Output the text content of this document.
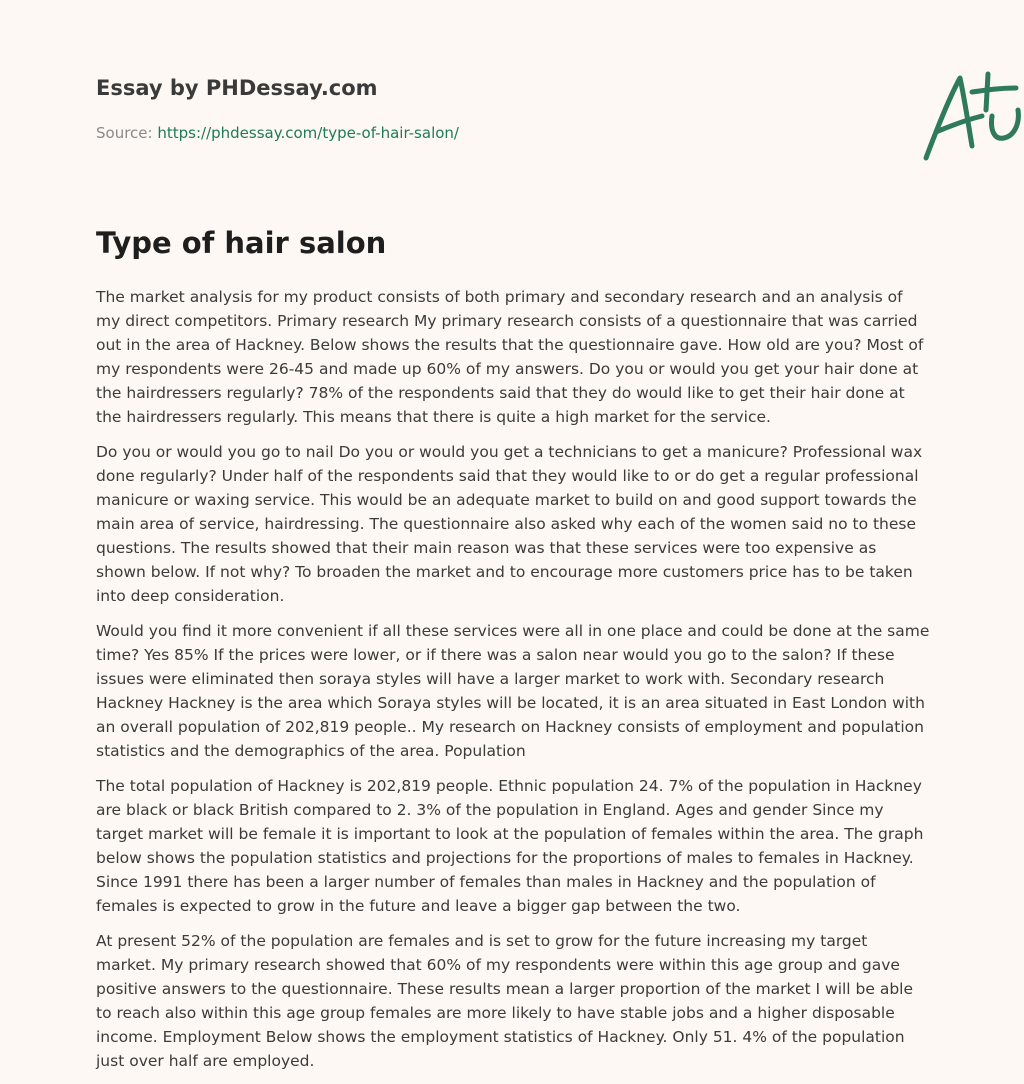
Essay by PHDessay.com
Source: https://phdessay.com/type-of-hair-salon/
Type of hair salon

The market analysis for my product consists of both primary and secondary research and an analysis of my direct competitors. Primary research My primary research consists of a questionnaire that was carried out in the area of Hackney. Below shows the results that the questionnaire gave. How old are you? Most of my respondents were 26-45 and made up 60% of my answers. Do you or would you get your hair done at the hairdressers regularly? 78% of the respondents said that they do would like to get their hair done at the hairdressers regularly. This means that there is quite a high market for the service.

Do you or would you go to nail Do you or would you get a technicians to get a manicure? Professional wax done regularly? Under half of the respondents said that they would like to or do get a regular professional manicure or waxing service. This would be an adequate market to build on and good support towards the main area of service, hairdressing. The questionnaire also asked why each of the women said no to these questions. The results showed that their main reason was that these services were too expensive as shown below. If not why? To broaden the market and to encourage more customers price has to be taken into deep consideration.

Would you find it more convenient if all these services were all in one place and could be done at the same time? Yes 85% If the prices were lower, or if there was a salon near would you go to the salon? If these issues were eliminated then soraya styles will have a larger market to work with. Secondary research Hackney Hackney is the area which Soraya styles will be located, it is an area situated in East London with an overall population of 202,819 people.. My research on Hackney consists of employment and population statistics and the demographics of the area. Population

The total population of Hackney is 202,819 people. Ethnic population 24. 7% of the population in Hackney are black or black British compared to 2. 3% of the population in England. Ages and gender Since my target market will be female it is important to look at the population of females within the area. The graph below shows the population statistics and projections for the proportions of males to females in Hackney. Since 1991 there has been a larger number of females than males in Hackney and the population of females is expected to grow in the future and leave a bigger gap between the two.

At present 52% of the population are females and is set to grow for the future increasing my target market. My primary research showed that 60% of my respondents were within this age group and gave positive answers to the questionnaire. These results mean a larger proportion of the market I will be able to reach also within this age group females are more likely to have stable jobs and a higher disposable income. Employment Below shows the employment statistics of Hackney. Only 51. 4% of the population just over half are employed.
